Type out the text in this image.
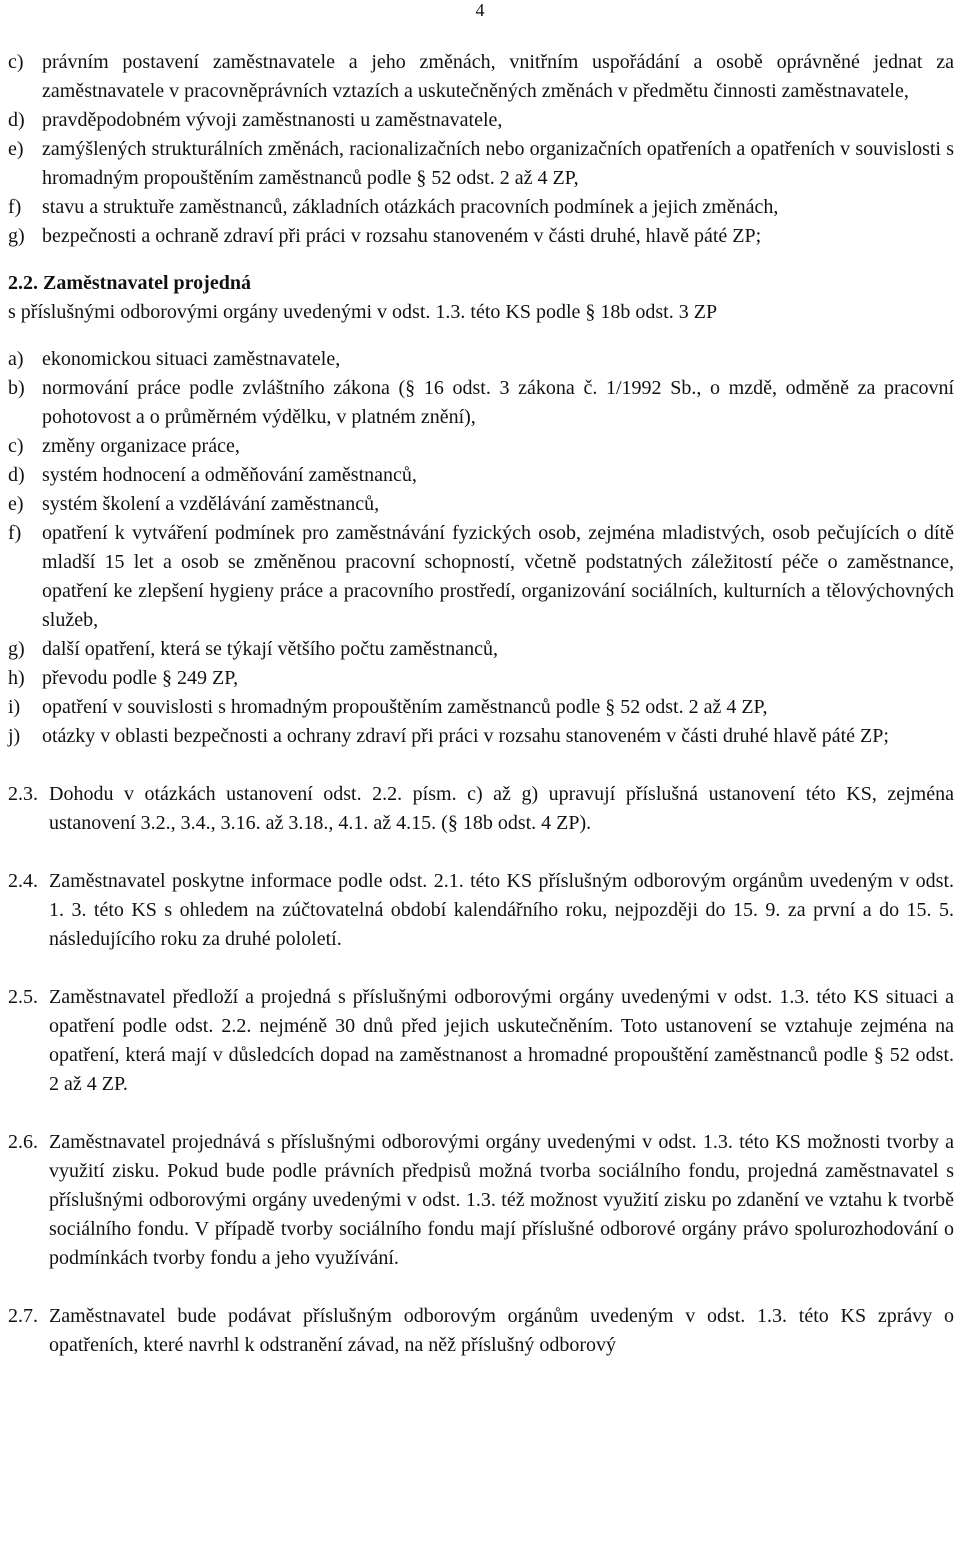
4
c) právním postavení zaměstnavatele a jeho změnách, vnitřním uspořádání a osobě oprávněné jednat za zaměstnavatele v pracovněprávních vztazích a uskutečněných změnách v předmětu činnosti zaměstnavatele,
d) pravděpodobném vývoji zaměstnanosti u zaměstnavatele,
e) zamýšlených strukturálních změnách, racionalizačních nebo organizačních opatřeních a opatřeních v souvislosti s hromadným propouštěním zaměstnanců podle § 52 odst. 2 až 4 ZP,
f)	stavu a struktuře zaměstnanců, základních otázkách pracovních podmínek a jejich změnách,
g) bezpečnosti a ochraně zdraví při práci v rozsahu stanoveném v části druhé, hlavě páté ZP;
2.2. Zaměstnavatel projedná
s příslušnými odborovými orgány uvedenými v odst. 1.3. této KS podle § 18b odst. 3 ZP
a) ekonomickou situaci zaměstnavatele,
b) normování práce podle zvláštního zákona (§ 16 odst. 3 zákona č. 1/1992 Sb., o mzdě, odměně za pracovní pohotovost a o průměrném výdělku, v platném znění),
c) změny organizace práce,
d) systém hodnocení a odměňování zaměstnanců,
e) systém školení a vzdělávání zaměstnanců,
f)	opatření k vytváření podmínek pro zaměstnávání fyzických osob, zejména mladistvých, osob pečujících o dítě mladší 15 let a osob se změněnou pracovní schopností, včetně podstatných záležitostí péče o zaměstnance, opatření ke zlepšení hygieny práce a pracovního prostředí, organizování sociálních, kulturních a tělovýchovných služeb,
g) další opatření, která se týkají většího počtu zaměstnanců,
h) převodu podle § 249 ZP,
i)	opatření v souvislosti s hromadným propouštěním zaměstnanců podle § 52 odst. 2 až 4 ZP,
j)	otázky v oblasti bezpečnosti a ochrany zdraví při práci v rozsahu stanoveném v části druhé hlavě páté ZP;
2.3. Dohodu v otázkách ustanovení odst. 2.2. písm. c) až g) upravují příslušná ustanovení této KS, zejména ustanovení 3.2., 3.4., 3.16. až 3.18., 4.1. až 4.15. (§ 18b odst. 4 ZP).
2.4. Zaměstnavatel poskytne informace podle odst. 2.1. této KS příslušným odborovým orgánům uvedeným v odst. 1. 3. této KS s ohledem na zúčtovatelná období kalendářního roku, nejpozději do 15. 9. za první a do 15. 5. následujícího roku za druhé pololetí.
2.5. Zaměstnavatel předloží a projedná s příslušnými odborovými orgány uvedenými v odst. 1.3. této KS situaci a opatření podle odst. 2.2. nejméně 30 dnů před jejich uskutečněním. Toto ustanovení se vztahuje zejména na opatření, která mají v důsledcích dopad na zaměstnanost a hromadné propouštění zaměstnanců podle § 52 odst. 2 až 4 ZP.
2.6. Zaměstnavatel projednává s příslušnými odborovými orgány uvedenými v odst. 1.3. této KS možnosti tvorby a využití zisku. Pokud bude podle právních předpisů možná tvorba sociálního fondu, projedná zaměstnavatel s příslušnými odborovými orgány uvedenými v odst. 1.3. též možnost využití zisku po zdanění ve vztahu k tvorbě sociálního fondu. V případě tvorby sociálního fondu mají příslušné odborové orgány právo spolurozhodování o podmínkách tvorby fondu a jeho využívání.
2.7. Zaměstnavatel bude podávat příslušným odborovým orgánům uvedeným v odst. 1.3. této KS zprávy o opatřeních, které navrhl k odstranění závad, na něž příslušný odborový
